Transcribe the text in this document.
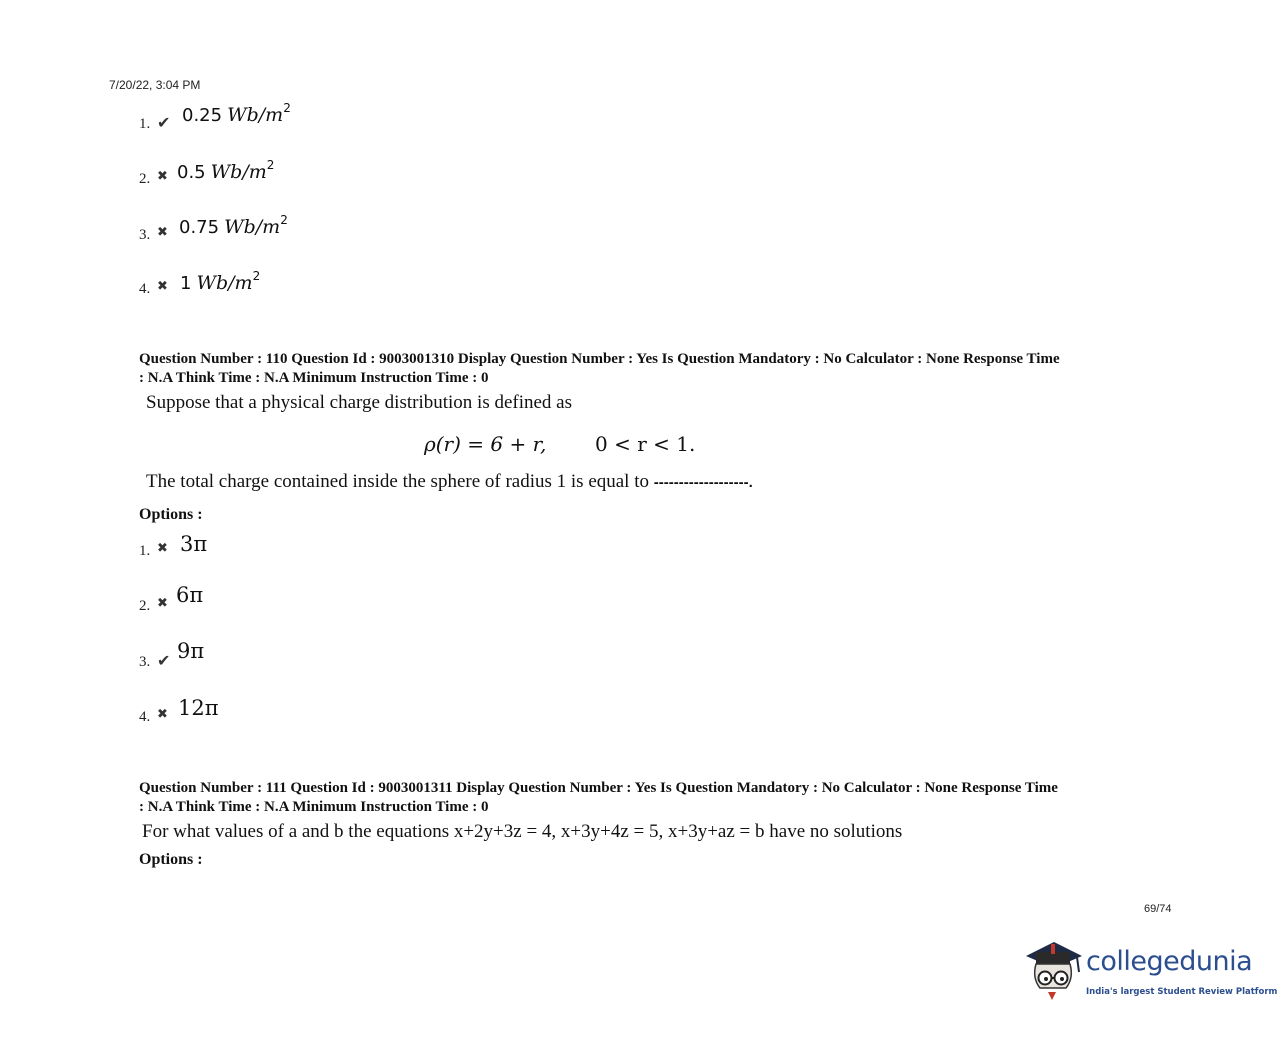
7/20/22, 3:04 PM
1. ✔ 0.25 $Wb/m^2$
2. ✖ 0.5 $Wb/m^2$
3. ✖ 0.75 $Wb/m^2$
4. ✖ 1 $Wb/m^2$
Question Number : 110 Question Id : 9003001310 Display Question Number : Yes Is Question Mandatory : No Calculator : None Response Time
: N.A Think Time : N.A Minimum Instruction Time : 0
Suppose that a physical charge distribution is defined as
ρ(r) = 6 + r, 0 < r < 1.
The total charge contained inside the sphere of radius 1 is equal to -------------------.
Options :
1. ✖ 3π
2. ✖ 6π
3. ✔ 9π
4. ✖ 12π
Question Number : 111 Question Id : 9003001311 Display Question Number : Yes Is Question Mandatory : No Calculator : None Response Time
: N.A Think Time : N.A Minimum Instruction Time : 0
For what values of a and b the equations x+2y+3z = 4, x+3y+4z = 5, x+3y+az = b have no solutions
Options :
69/74
collegedunia
India's largest Student Review Platform
